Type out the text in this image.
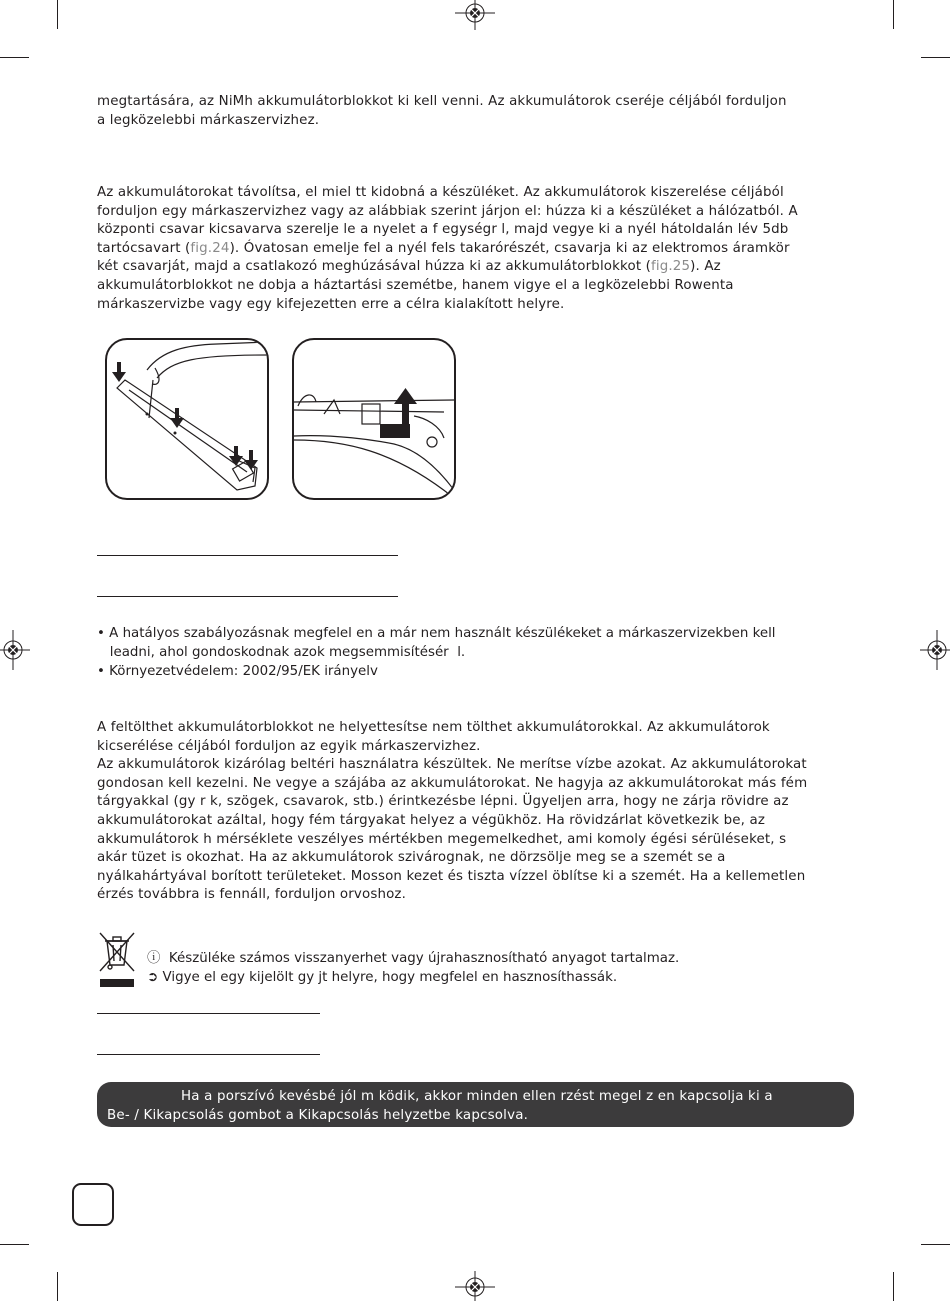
megtartására, az NiMh akkumulátorblokkot ki kell venni. Az akkumulátorok cseréje céljából forduljon
a legközelebbi márkaszervizhez.
Az akkumulátorokat távolítsa, el miel tt kidobná a készüléket. Az akkumulátorok kiszerelése céljából
forduljon egy márkaszervizhez vagy az alábbiak szerint járjon el: húzza ki a készüléket a hálózatból. A
központi csavar kicsavarva szerelje le a nyelet a f egységr l, majd vegye ki a nyél hátoldalán lév 5db
tartócsavart (fig.24). Óvatosan emelje fel a nyél fels takarórészét, csavarja ki az elektromos áramkör
két csavarját, majd a csatlakozó meghúzásával húzza ki az akkumulátorblokkot (fig.25). Az
akkumulátorblokkot ne dobja a háztartási szemétbe, hanem vigye el a legközelebbi Rowenta
márkaszervizbe vagy egy kifejezetten erre a célra kialakított helyre.
• A hatályos szabályozásnak megfelel en a már nem használt készülékeket a márkaszervizekben kell
leadni, ahol gondoskodnak azok megsemmisítésér  l.
• Környezetvédelem: 2002/95/EK irányelv
A feltölthet akkumulátorblokkot ne helyettesítse nem tölthet akkumulátorokkal. Az akkumulátorok
kicserélése céljából forduljon az egyik márkaszervizhez.
Az akkumulátorok kizárólag beltéri használatra készültek. Ne merítse vízbe azokat. Az akkumulátorokat
gondosan kell kezelni. Ne vegye a szájába az akkumulátorokat. Ne hagyja az akkumulátorokat más fém
tárgyakkal (gy r k, szögek, csavarok, stb.) érintkezésbe lépni. Ügyeljen arra, hogy ne zárja rövidre az
akkumulátorokat azáltal, hogy fém tárgyakat helyez a végükhöz. Ha rövidzárlat következik be, az
akkumulátorok h mérséklete veszélyes mértékben megemelkedhet, ami komoly égési sérüléseket, s
akár tüzet is okozhat. Ha az akkumulátorok szivárognak, ne dörzsölje meg se a szemét se a
nyálkahártyával borított területeket. Mosson kezet és tiszta vízzel öblítse ki a szemét. Ha a kellemetlen
érzés továbbra is fennáll, forduljon orvoshoz.
ⓘ Készüléke számos visszanyerhet vagy újrahasznosítható anyagot tartalmaz.
➲ Vigye el egy kijelölt gy jt helyre, hogy megfelel en hasznosíthassák.
Ha a porszívó kevésbé jól m ködik, akkor minden ellen rzést megel z en kapcsolja ki a
Be- / Kikapcsolás gombot a Kikapcsolás helyzetbe kapcsolva.
